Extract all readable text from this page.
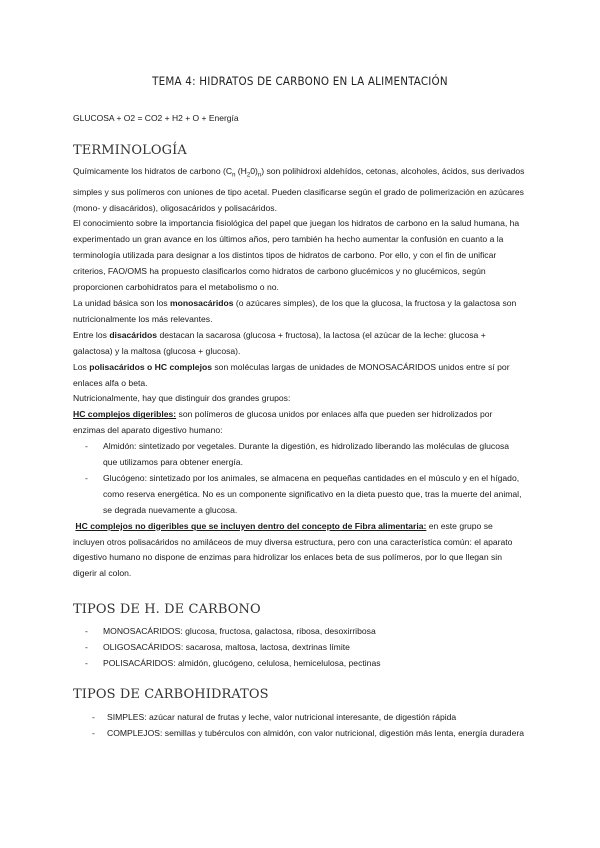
TEMA 4: HIDRATOS DE CARBONO EN LA ALIMENTACIÓN
GLUCOSA + O2 = CO2 + H2 + O + Energía
TERMINOLOGÍA

Químicamente los hidratos de carbono ($C_n$ $(H_20)_n$) son polihidroxi aldehídos, cetonas, alcoholes, ácidos, sus derivados simples y sus polímeros con uniones de tipo acetal. Pueden clasificarse según el grado de polimerización en azúcares (mono- y disacáridos), oligosacáridos y polisacáridos.

El conocimiento sobre la importancia fisiológica del papel que juegan los hidratos de carbono en la salud humana, ha experimentado un gran avance en los últimos años, pero también ha hecho aumentar la confusión en cuanto a la terminología utilizada para designar a los distintos tipos de hidratos de carbono. Por ello, y con el fin de unificar criterios, FAO/OMS ha propuesto clasificarlos como hidratos de carbono glucémicos y no glucémicos, según proporcionen carbohidratos para el metabolismo o no.

La unidad básica son los monosacáridos (o azúcares simples), de los que la glucosa, la fructosa y la galactosa son nutricionalmente los más relevantes.

Entre los disacáridos destacan la sacarosa (glucosa + fructosa), la lactosa (el azúcar de la leche: glucosa + galactosa) y la maltosa (glucosa + glucosa).

Los polisacáridos o HC complejos son moléculas largas de unidades de MONOSACÁRIDOS unidos entre sí por enlaces alfa o beta.

Nutricionalmente, hay que distinguir dos grandes grupos:

HC complejos digeribles: son polímeros de glucosa unidos por enlaces alfa que pueden ser hidrolizados por enzimas del aparato digestivo humano:

- Almidón: sintetizado por vegetales. Durante la digestión, es hidrolizado liberando las moléculas de glucosa que utilizamos para obtener energía.

- Glucógeno: sintetizado por los animales, se almacena en pequeñas cantidades en el músculo y en el hígado, como reserva energética. No es un componente significativo en la dieta puesto que, tras la muerte del animal, se degrada nuevamente a glucosa.

HC complejos no digeribles que se incluyen dentro del concepto de Fibra alimentaria: en este grupo se incluyen otros polisacáridos no amiláceos de muy diversa estructura, pero con una característica común: el aparato digestivo humano no dispone de enzimas para hidrolizar los enlaces beta de sus polímeros, por lo que llegan sin digerir al colon.

TIPOS DE H. DE CARBONO

- MONOSACÁRIDOS: glucosa, fructosa, galactosa, ribosa, desoxirribosa

- OLIGOSACÁRIDOS: sacarosa, maltosa, lactosa, dextrinas límite

- POLISACÁRIDOS: almidón, glucógeno, celulosa, hemicelulosa, pectinas

TIPOS DE CARBOHIDRATOS

- SIMPLES: azúcar natural de frutas y leche, valor nutricional interesante, de digestión rápida

- COMPLEJOS: semillas y tubérculos con almidón, con valor nutricional, digestión más lenta, energía duradera
